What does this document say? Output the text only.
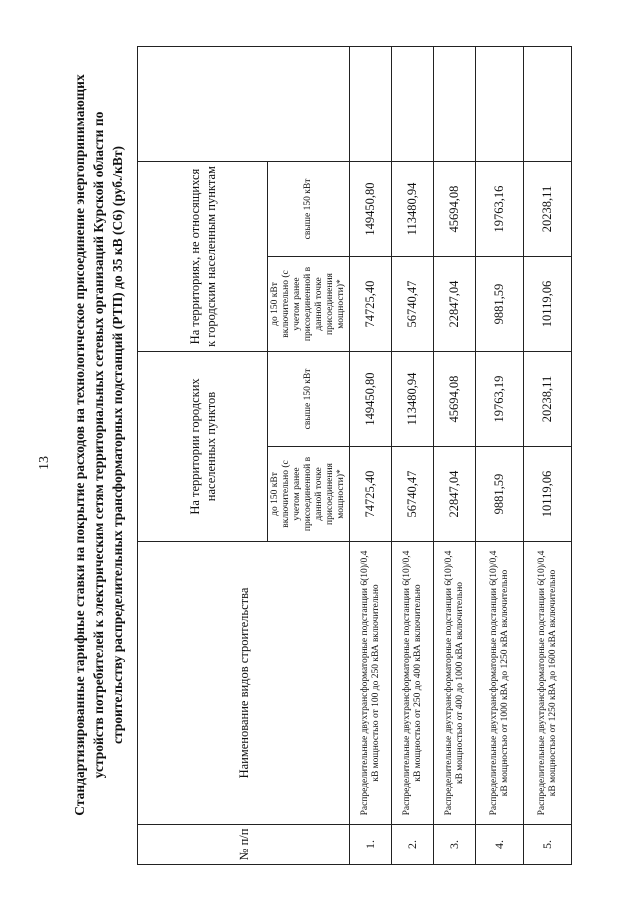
13 Стандартизированные тарифные ставки на покрытие расходов на технологическое присоединение энергопринимающих устройств потребителей к электрическим сетям территориальных сетевых организаций Курской области по строительству распределительных трансформаторных подстанций (РТП) до 35 кВ (С6) (руб./кВт)
№ п/п	Наименование видов строительства	На территории городских населенных пунктов		На территориях, не относящихся к городским населенным пунктам		
		до 150 кВт включительно (с учетом ранее присоединенной в данной точке присоединения мощности)*	свыше 150 кВт	до 150 кВт включительно (с учетом ранее присоединенной в данной точке присоединения мощности)*	свыше 150 кВт	
1.	Распределительные двухтрансформаторные подстанции 6(10)/0,4 кВ мощностью от 100 до 250 кВА включительно	74725,40	149450,80	74725,40	149450,80	
2.	Распределительные двухтрансформаторные подстанции 6(10)/0,4 кВ мощностью от 250 до 400 кВА включительно	56740,47	113480,94	56740,47	113480,94	
3.	Распределительные двухтрансформаторные подстанции 6(10)/0,4 кВ мощностью от 400 до 1000 кВА включительно	22847,04	45694,08	22847,04	45694,08	
4.	Распределительные двухтрансформаторные подстанции 6(10)/0,4 кВ мощностью от 1000 кВА до 1250 кВА включительно	9881,59	19763,19	9881,59	19763,16	
5.	Распределительные двухтрансформаторные подстанции 6(10)/0,4 кВ мощностью от 1250 кВА до 1600 кВА включительно	10119,06	20238,11	10119,06	20238,11	
